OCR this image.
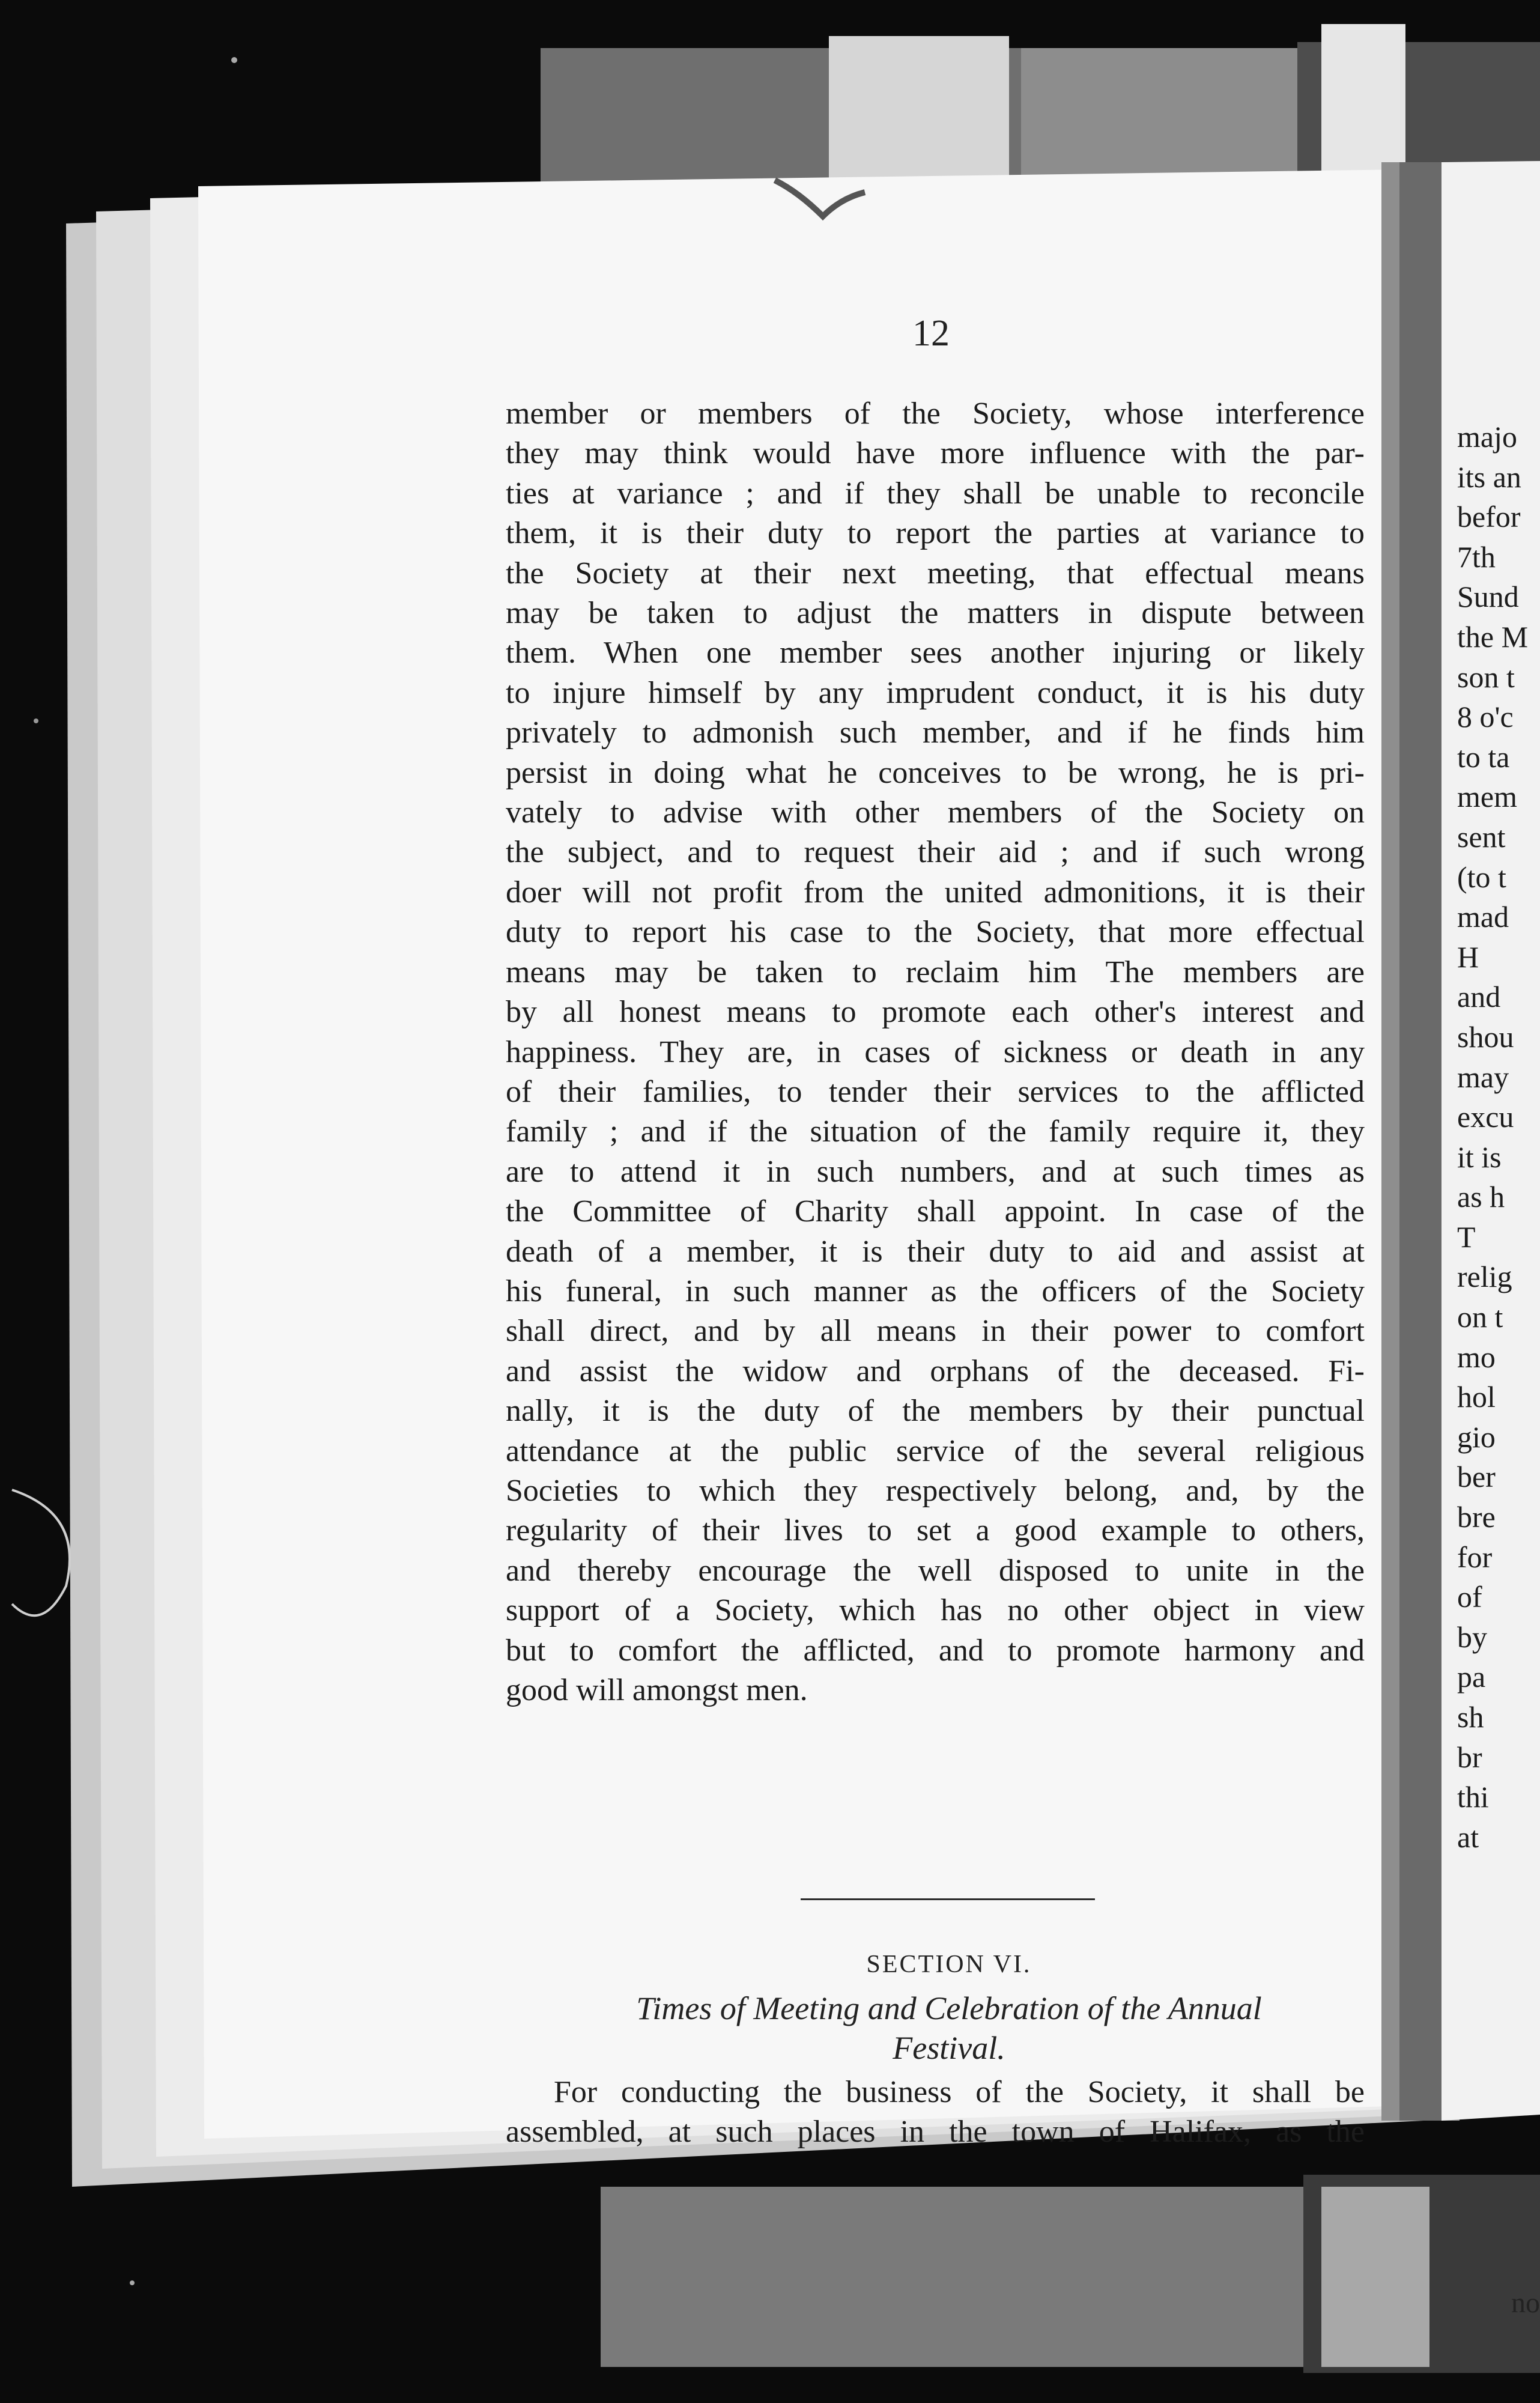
12
member or members of the Society, whose interference
they may think would have more influence with the par-
ties at variance ; and if they shall be unable to reconcile
them, it is their duty to report the parties at variance to
the Society at their next meeting, that effectual means
may be taken to adjust the matters in dispute between
them. When one member sees another injuring or likely
to injure himself by any imprudent conduct, it is his duty
privately to admonish such member, and if he finds him
persist in doing what he conceives to be wrong, he is pri-
vately to advise with other members of the Society on
the subject, and to request their aid ; and if such wrong
doer will not profit from the united admonitions, it is their
duty to report his case to the Society, that more effectual
means may be taken to reclaim him The members are
by all honest means to promote each other's interest and
happiness. They are, in cases of sickness or death in any
of their families, to tender their services to the afflicted
family ; and if the situation of the family require it, they
are to attend it in such numbers, and at such times as
the Committee of Charity shall appoint. In case of the
death of a member, it is their duty to aid and assist at
his funeral, in such manner as the officers of the Society
shall direct, and by all means in their power to comfort
and assist the widow and orphans of the deceased. Fi-
nally, it is the duty of the members by their punctual
attendance at the public service of the several religious
Societies to which they respectively belong, and, by the
regularity of their lives to set a good example to others,
and thereby encourage the well disposed to unite in the
support of a Society, which has no other object in view
but to comfort the afflicted, and to promote harmony and
good will amongst men.
SECTION VI.
Times of Meeting and Celebration of the Annual
Festival.
For conducting the business of the Society, it shall be
assembled, at such places in the town of Halifax, as the
majo
its an
befor
7th
Sund
the M
son t
8 o'c
to ta
mem
sent
(to t
mad
H
and
shou
may
excu
it is
as h
T
relig
on t
mo
hol
gio
ber
bre
for
of
by
pa
sh
br
thi
at
no
